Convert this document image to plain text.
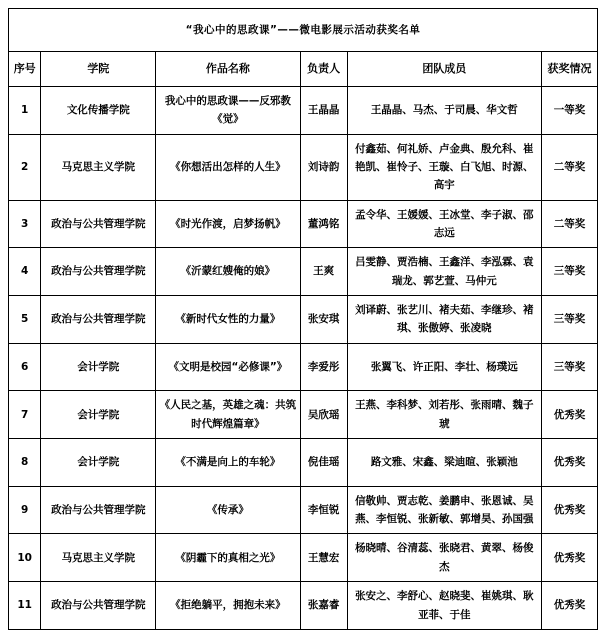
“我心中的思政课”——微电影展示活动获奖名单					
序号	学院	作品名称	负责人	团队成员	获奖情况
1	文化传播学院	我心中的思政课——反邪教《觉》	王晶晶	王晶晶、马杰、于司晨、华文哲	一等奖
2	马克思主义学院	《你想活出怎样的人生》	刘诗韵	付鑫茹、何礼娇、卢金典、殷允科、崔艳凯、崔怜子、王璇、白飞旭、时源、高宇	二等奖
3	政治与公共管理学院	《时光作渡，启梦扬帆》	董鸿铭	孟令华、王媛媛、王冰堂、李子淑、邵志远	二等奖
4	政治与公共管理学院	《沂蒙红嫂俺的娘》	王爽	吕雯静、贾浩楠、王鑫洋、李泓霖、袁瑞龙、郭艺萱、马仲元	三等奖
5	政治与公共管理学院	《新时代女性的力量》	张安琪	刘译蔚、张艺川、褚夫茹、李继珍、褚琪、张傲婷、张凌晓	三等奖
6	会计学院	《文明是校园“必修课”》	李爱彤	张翼飞、许正阳、李壮、杨璞远	三等奖
7	会计学院	《人民之基，英雄之魂：共筑时代辉煌篇章》	吴欣瑶	王燕、李科梦、刘若彤、张雨晴、魏子琥	优秀奖
8	会计学院	《不满是向上的车轮》	倪佳瑶	路文雅、宋鑫、梁迪暄、张颖池	优秀奖
9	政治与公共管理学院	《传承》	李恒锐	信敬帅、贾志乾、姜鹏申、张恩诚、吴燕、李恒锐、张新敏、郭增昊、孙国强	优秀奖
10	马克思主义学院	《阴霾下的真相之光》	王慧宏	杨晓晴、谷清蕊、张晓君、黄翠、杨俊杰	优秀奖
11	政治与公共管理学院	《拒绝躺平，拥抱未来》	张嘉睿	张安之、李舒心、赵晓斐、崔姚琪、耿亚菲、于佳	优秀奖
